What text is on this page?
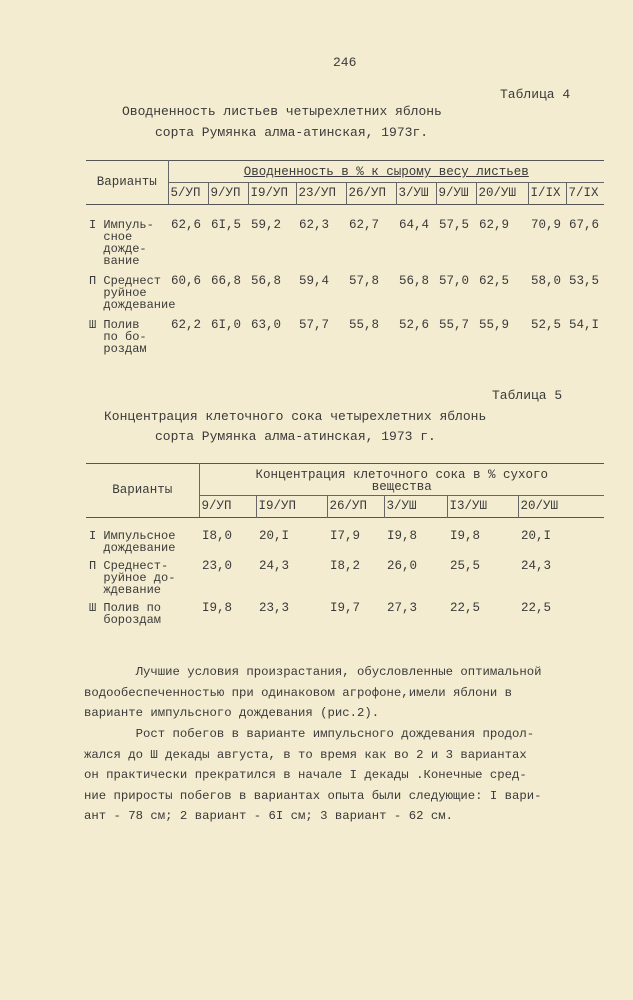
246
Таблица 4
Оводненность листьев четырехлетних яблонь
сорта Румянка алма-атинская, 1973г.
Варианты	Оводненность в % к сырому весу листьев									
	5/УП	9/УП	I9/УП	23/УП	26/УП	3/УШ	9/УШ	20/УШ	I/IX	7/IX
I Импуль-
сное
дожде-
вание	62,6	6I,5	59,2	62,3	62,7	64,4	57,5	62,9	70,9	67,6
П Среднест
руйное
дождевание	60,6	66,8	56,8	59,4	57,8	56,8	57,0	62,5	58,0	53,5
Ш Полив
по бо-
роздам	62,2	6I,0	63,0	57,7	55,8	52,6	55,7	55,9	52,5	54,I
Таблица 5
Концентрация клеточного сока четырехлетних яблонь
сорта Румянка алма-атинская, 1973 г.
Варианты	Концентрация клеточного сока в % сухого
вещества					
	9/УП	I9/УП	26/УП	3/УШ	I3/УШ	20/УШ
I Импульсное
дождевание	I8,0	20,I	I7,9	I9,8	I9,8	20,I
П Среднест-
руйное до-
ждевание	23,0	24,3	I8,2	26,0	25,5	24,3
Ш Полив по
бороздам	I9,8	23,3	I9,7	27,3	22,5	22,5
Лучшие условия произрастания, обусловленные оптимальной
водообеспеченностью при одинаковом агрофоне,имели яблони в
варианте импульсного дождевания (рис.2).
Рост побегов в варианте импульсного дождевания продол-
жался до Ш декады августа, в то время как во 2 и 3 вариантах
он практически прекратился в начале I декады .Конечные сред-
ние приросты побегов в вариантах опыта были следующие: I вари-
ант - 78 см; 2 вариант - 6I см; 3 вариант - 62 см.
